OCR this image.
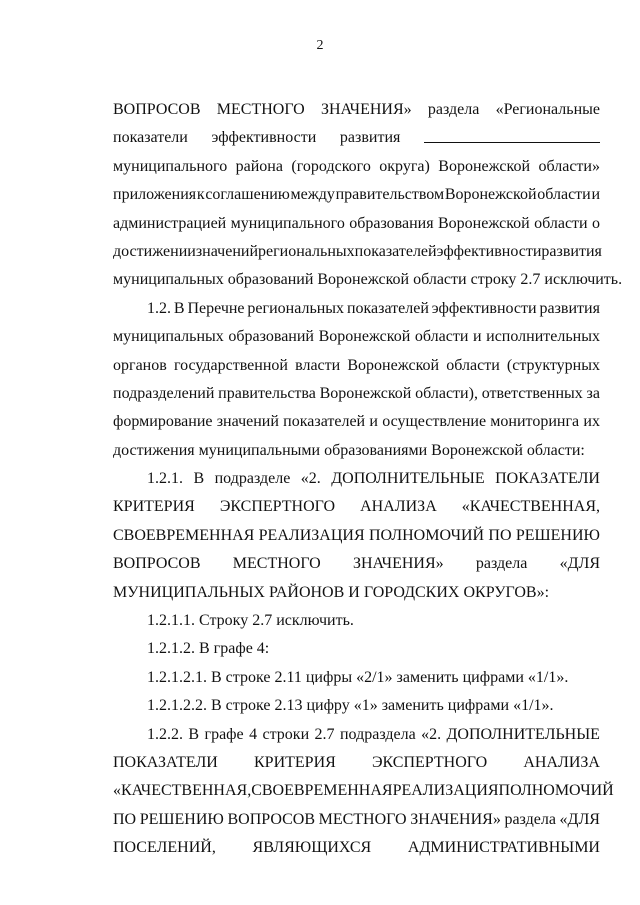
2
ВОПРОСОВ МЕСТНОГО ЗНАЧЕНИЯ» раздела «Региональные
показатели эффективности развития
муниципального района (городского округа) Воронежской области»
приложения к соглашению между правительством Воронежской области и
администрацией муниципального образования Воронежской области о
достижении значений региональных показателей эффективности развития
муниципальных образований Воронежской области строку 2.7 исключить.
1.2. В Перечне региональных показателей эффективности развития
муниципальных образований Воронежской области и исполнительных
органов государственной власти Воронежской области (структурных
подразделений правительства Воронежской области), ответственных за
формирование значений показателей и осуществление мониторинга их
достижения муниципальными образованиями Воронежской области:
1.2.1. В подразделе «2. ДОПОЛНИТЕЛЬНЫЕ ПОКАЗАТЕЛИ
КРИТЕРИЯ ЭКСПЕРТНОГО АНАЛИЗА «КАЧЕСТВЕННАЯ,
СВОЕВРЕМЕННАЯ РЕАЛИЗАЦИЯ ПОЛНОМОЧИЙ ПО РЕШЕНИЮ
ВОПРОСОВ МЕСТНОГО ЗНАЧЕНИЯ» раздела «ДЛЯ
МУНИЦИПАЛЬНЫХ РАЙОНОВ И ГОРОДСКИХ ОКРУГОВ»:
1.2.1.1. Строку 2.7 исключить.
1.2.1.2. В графе 4:
1.2.1.2.1. В строке 2.11 цифры «2/1» заменить цифрами «1/1».
1.2.1.2.2. В строке 2.13 цифру «1» заменить цифрами «1/1».
1.2.2. В графе 4 строки 2.7 подраздела «2. ДОПОЛНИТЕЛЬНЫЕ
ПОКАЗАТЕЛИ КРИТЕРИЯ ЭКСПЕРТНОГО АНАЛИЗА
«КАЧЕСТВЕННАЯ, СВОЕВРЕМЕННАЯ РЕАЛИЗАЦИЯ ПОЛНОМОЧИЙ
ПО РЕШЕНИЮ ВОПРОСОВ МЕСТНОГО ЗНАЧЕНИЯ» раздела «ДЛЯ
ПОСЕЛЕНИЙ, ЯВЛЯЮЩИХСЯ АДМИНИСТРАТИВНЫМИ
